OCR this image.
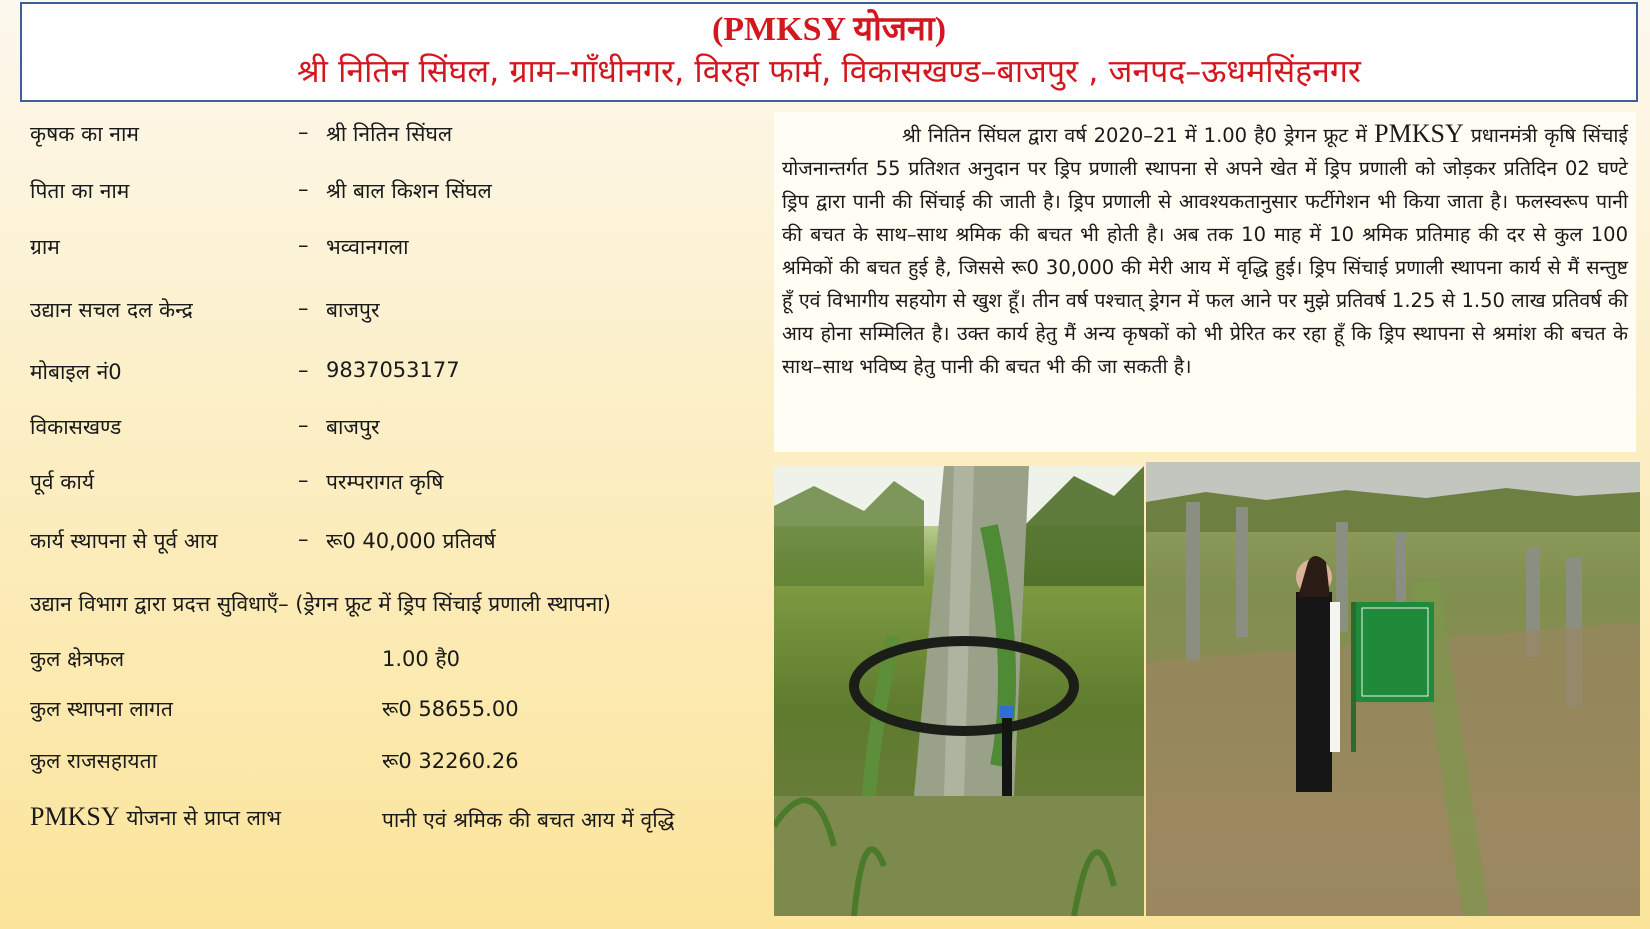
(PMKSY योजना)
श्री नितिन सिंघल, ग्राम–गाँधीनगर, विरहा फार्म, विकासखण्ड–बाजपुर , जनपद–ऊधमसिंहनगर
कृषक का नाम	– श्री नितिन सिंघल
पिता का नाम	– श्री बाल किशन सिंघल
ग्राम	– भव्वानगला
उद्यान सचल दल केन्द्र	– बाजपुर
मोबाइल नं0	– 9837053177
विकासखण्ड	– बाजपुर
पूर्व कार्य	– परम्परागत कृषि
कार्य स्थापना से पूर्व आय	– रू0 40,000 प्रतिवर्ष
उद्यान विभाग द्वारा प्रदत्त सुविधाएँ– (ड्रेगन फ्रूट में ड्रिप सिंचाई प्रणाली स्थापना)
कुल क्षेत्रफल	1.00 है0
कुल स्थापना लागत	रू0 58655.00
कुल राजसहायता	रू0 32260.26
PMKSY योजना से प्राप्त लाभ	पानी एवं श्रमिक की बचत आय में वृद्धि
श्री नितिन सिंघल द्वारा वर्ष 2020–21 में 1.00 है0 ड्रेगन फ्रूट में PMKSY प्रधानमंत्री कृषि सिंचाई योजनान्तर्गत 55 प्रतिशत अनुदान पर ड्रिप प्रणाली स्थापना से अपने खेत में ड्रिप प्रणाली को जोड़कर प्रतिदिन 02 घण्टे ड्रिप द्वारा पानी की सिंचाई की जाती है। ड्रिप प्रणाली से आवश्यकतानुसार फर्टीगेशन भी किया जाता है। फलस्वरूप पानी की बचत के साथ–साथ श्रमिक की बचत भी होती है। अब तक 10 माह में 10 श्रमिक प्रतिमाह की दर से कुल 100 श्रमिकों की बचत हुई है, जिससे रू0 30,000 की मेरी आय में वृद्धि हुई। ड्रिप सिंचाई प्रणाली स्थापना कार्य से मैं सन्तुष्ट हूँ एवं विभागीय सहयोग से खुश हूँ। तीन वर्ष पश्चात् ड्रेगन में फल आने पर मुझे प्रतिवर्ष 1.25 से 1.50 लाख प्रतिवर्ष की आय होना सम्मिलित है। उक्त कार्य हेतु मैं अन्य कृषकों को भी प्रेरित कर रहा हूँ कि ड्रिप स्थापना से श्रमांश की बचत के साथ–साथ भविष्य हेतु पानी की बचत भी की जा सकती है।
